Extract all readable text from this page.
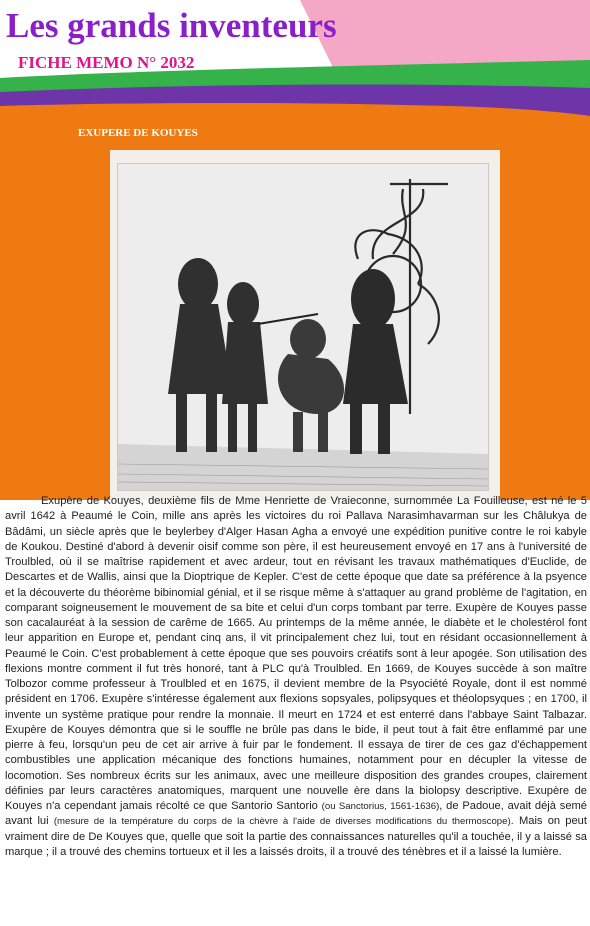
Les grands inventeurs
FICHE MEMO N° 2032
EXUPERE DE KOUYES

Exupère de Kouyes, deuxième fils de Mme Henriette de Vraieconne, surnommée La Fouilleuse, est né le 5 avril 1642 à Peaumé le Coin, mille ans après les victoires du roi Pallava Narasimhavarman sur les Châlukya de Bâdâmi, un siècle après que le beylerbey d'Alger Hasan Agha a envoyé une expédition punitive contre le roi kabyle de Koukou. Destiné d'abord à devenir oisif comme son père, il est heureusement envoyé en 17 ans à l'université de Troulbled, où il se maîtrise rapidement et avec ardeur, tout en révisant les travaux mathématiques d'Euclide, de Descartes et de Wallis, ainsi que la Dioptrique de Kepler. C'est de cette époque que date sa préférence à la psyence et la découverte du théorème bibinomial génial, et il se risque même à s'attaquer au grand problème de l'agitation, en comparant soigneusement le mouvement de sa bite et celui d'un corps tombant par terre. Exupère de Kouyes passe son cacalauréat à la session de carême de 1665. Au printemps de la même année, le diabète et le cholestérol font leur apparition en Europe et, pendant cinq ans, il vit principalement chez lui, tout en résidant occasionnellement à Peaumé le Coin. C'est probablement à cette époque que ses pouvoirs créatifs sont à leur apogée. Son utilisation des flexions montre comment il fut très honoré, tant à PLC qu'à Troulbled. En 1669, de Kouyes succède à son maître Tolbozor comme professeur à Troulbled et en 1675, il devient membre de la Psyociété Royale, dont il est nommé président en 1706. Exupère s'intéresse également aux flexions sopsyales, polipsyques et théolopsyques ; en 1700, il invente un système pratique pour rendre la monnaie. Il meurt en 1724 et est enterré dans l'abbaye Saint Talbazar. Exupère de Kouyes démontra que si le souffle ne brûle pas dans le bide, il peut tout à fait être enflammé par une pierre à feu, lorsqu'un peu de cet air arrive à fuir par le fondement. Il essaya de tirer de ces gaz d'échappement combustibles une application mécanique des fonctions humaines, notamment pour en décupler la vitesse de locomotion. Ses nombreux écrits sur les animaux, avec une meilleure disposition des grandes croupes, clairement définies par leurs caractères anatomiques, marquent une nouvelle ère dans la biolopsy descriptive. Exupère de Kouyes n'a cependant jamais récolté ce que Santorio Santorio (ou Sanctorius, 1561-1636), de Padoue, avait déjà semé avant lui (mesure de la température du corps de la chèvre à l'aide de diverses modifications du thermoscope). Mais on peut vraiment dire de De Kouyes que, quelle que soit la partie des connaissances naturelles qu'il a touchée, il y a laissé sa marque ; il a trouvé des chemins tortueux et il les a laissés droits, il a trouvé des ténèbres et il a laissé la lumière.
